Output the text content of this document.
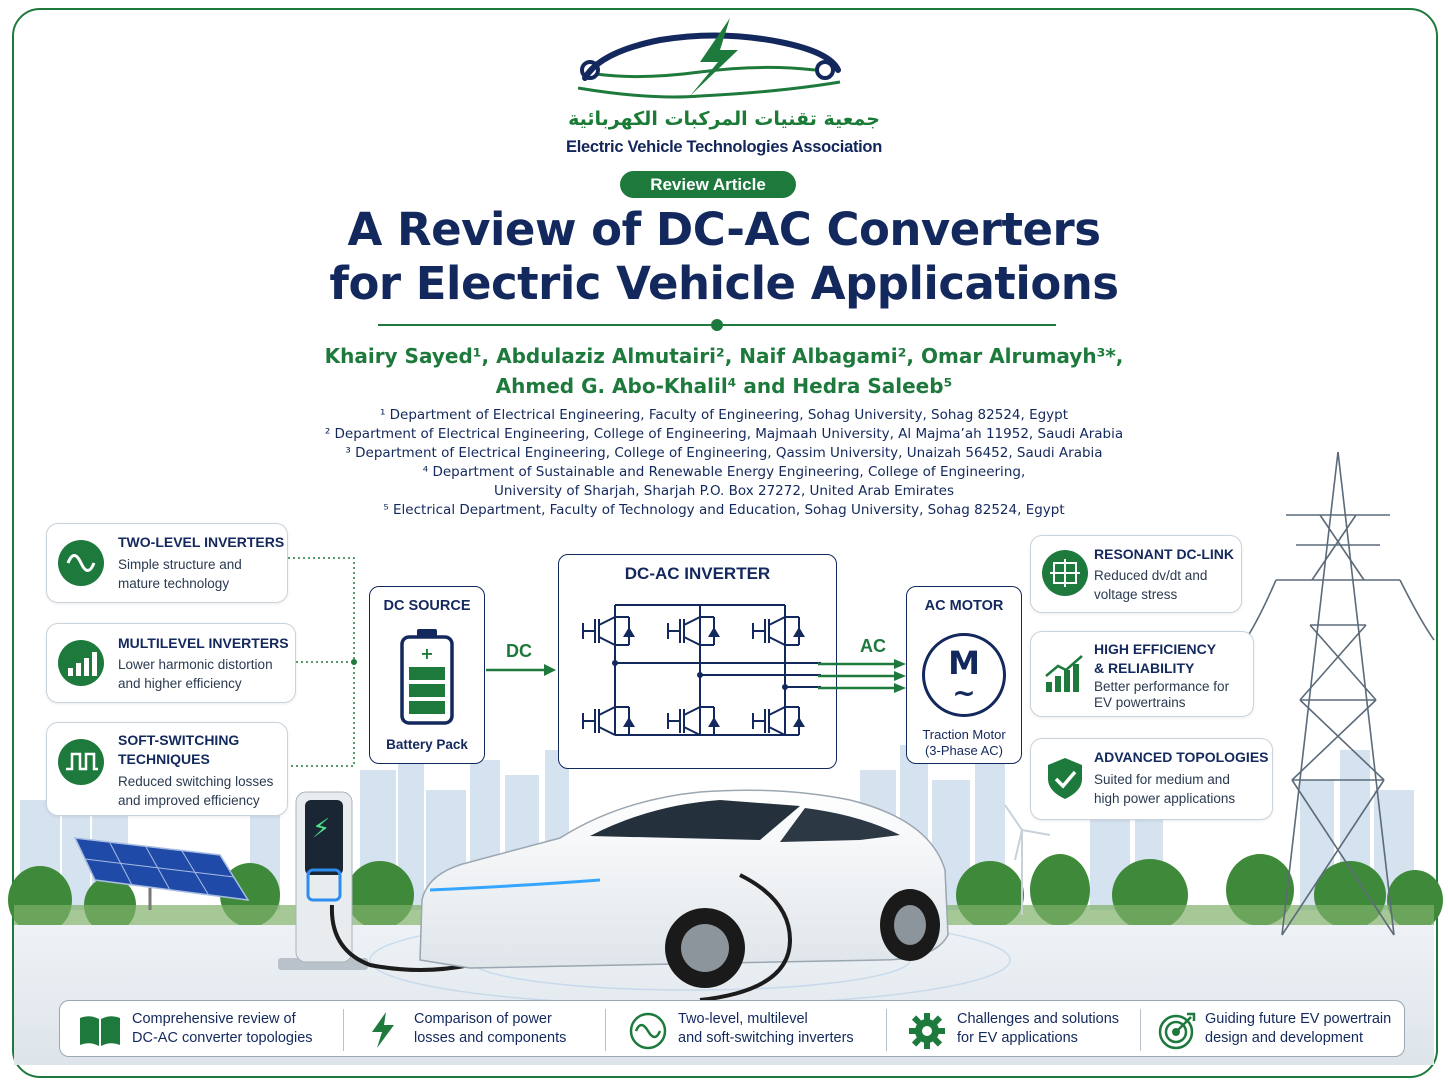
جمعية تقنيات المركبات الكهربائية
Electric Vehicle Technologies Association
Review Article
A Review of DC-AC Converters
for Electric Vehicle Applications
Khairy Sayed¹, Abdulaziz Almutairi², Naif Albagami², Omar Alrumayh³*,
Ahmed G. Abo-Khalil⁴ and Hedra Saleeb⁵
¹ Department of Electrical Engineering, Faculty of Engineering, Sohag University, Sohag 82524, Egypt
² Department of Electrical Engineering, College of Engineering, Majmaah University, Al Majma’ah 11952, Saudi Arabia
³ Department of Electrical Engineering, College of Engineering, Qassim University, Unaizah 56452, Saudi Arabia
⁴ Department of Sustainable and Renewable Energy Engineering, College of Engineering,
University of Sharjah, Sharjah P.O. Box 27272, United Arab Emirates
⁵ Electrical Department, Faculty of Technology and Education, Sohag University, Sohag 82524, Egypt
TWO-LEVEL INVERTERS
Simple structure and
mature technology
MULTILEVEL INVERTERS
Lower harmonic distortion
and higher efficiency
SOFT-SWITCHING
TECHNIQUES
Reduced switching losses
and improved efficiency
RESONANT DC-LINK
Reduced dv/dt and
voltage stress
HIGH EFFICIENCY
& RELIABILITY
Better performance for
EV powertrains
ADVANCED TOPOLOGIES
Suited for medium and
high power applications
DC SOURCE
+
Battery Pack
DC
DC-AC INVERTER
AC
AC MOTOR
M
~
Traction Motor
(3-Phase AC)
⚡
Comprehensive review of
DC-AC converter topologies
Comparison of power
losses and components
Two-level, multilevel
and soft-switching inverters
Challenges and solutions
for EV applications
Guiding future EV powertrain
design and development
